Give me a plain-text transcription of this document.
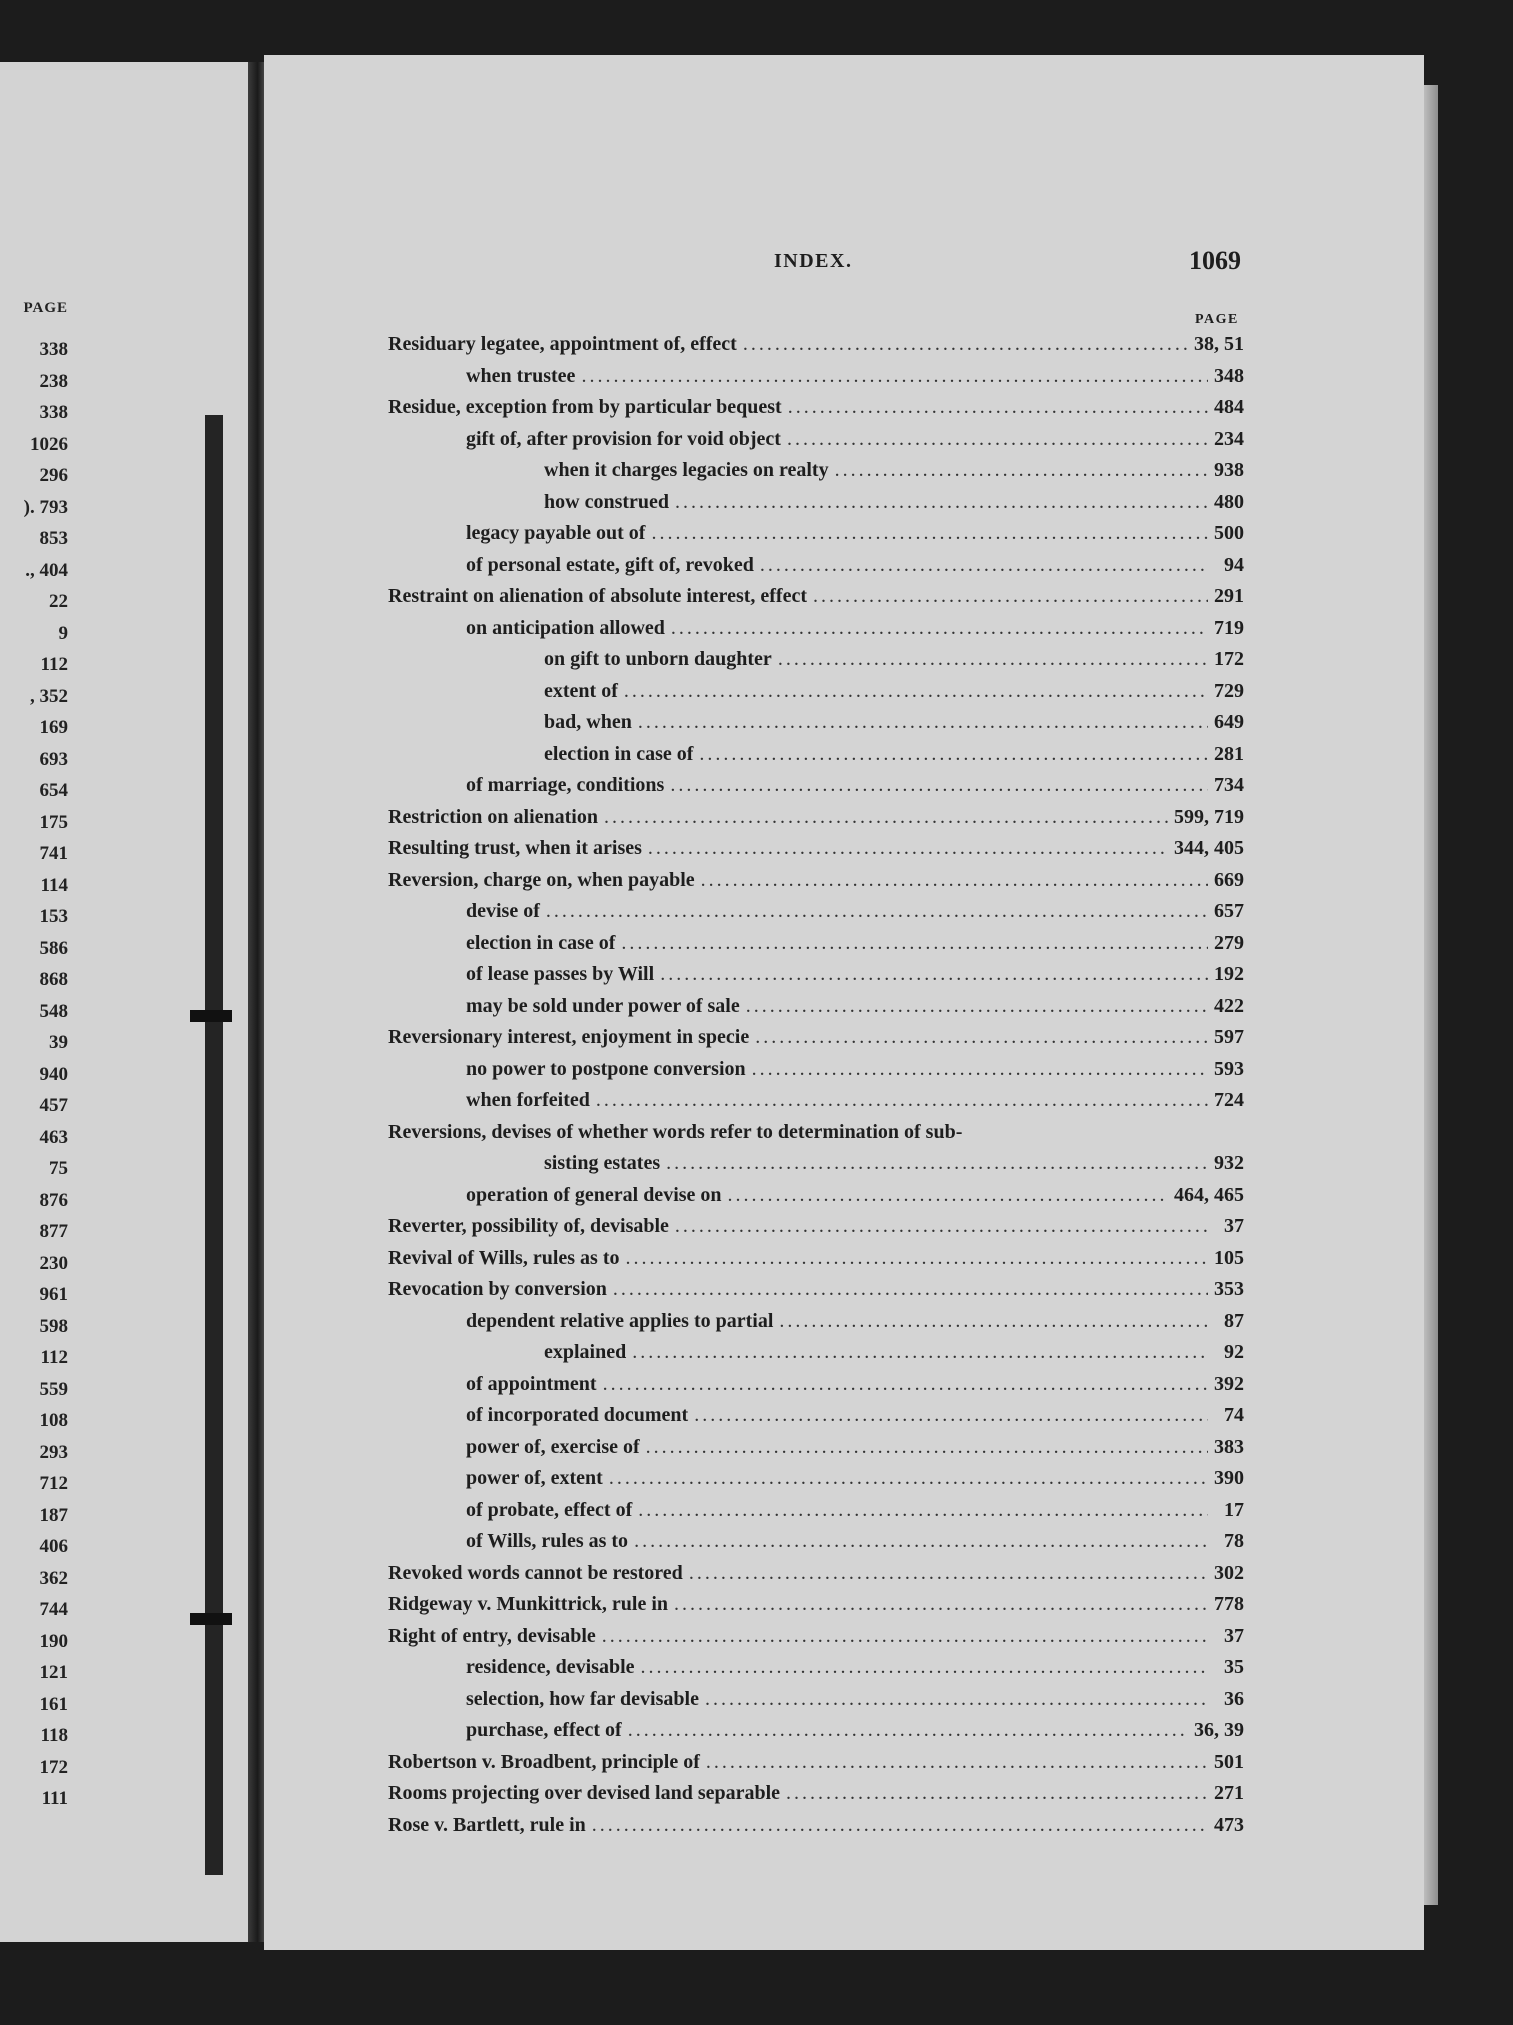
PAGE
338
238
338
1026
296
). 793
853
., 404
22
9
112
, 352
169
693
654
175
741
114
153
586
868
548
39
940
457
463
75
876
877
230
961
598
112
559
108
293
712
187
406
362
744
190
121
161
118
172
111
INDEX.	1069
PAGE
Residuary legatee, appointment of, effect .....	38, 51
when trustee .....	348
Residue, exception from by particular bequest .....	484
gift of, after provision for void object .....	234
when it charges legacies on realty .....	938
how construed .....	480
legacy payable out of .....	500
of personal estate, gift of, revoked .....	94
Restraint on alienation of absolute interest, effect .....	291
on anticipation allowed .....	719
on gift to unborn daughter .....	172
extent of .....	729
bad, when .....	649
election in case of .....	281
of marriage, conditions .....	734
Restriction on alienation .....	599, 719
Resulting trust, when it arises .....	344, 405
Reversion, charge on, when payable .....	669
devise of .....	657
election in case of .....	279
of lease passes by Will .....	192
may be sold under power of sale .....	422
Reversionary interest, enjoyment in specie .....	597
no power to postpone conversion .....	593
when forfeited .....	724
Reversions, devises of whether words refer to determination of sub-
sisting estates .....	932
operation of general devise on .....	464, 465
Reverter, possibility of, devisable .....	37
Revival of Wills, rules as to .....	105
Revocation by conversion .....	353
dependent relative applies to partial .....	87
explained .....	92
of appointment .....	392
of incorporated document .....	74
power of, exercise of .....	383
power of, extent .....	390
of probate, effect of .....	17
of Wills, rules as to .....	78
Revoked words cannot be restored .....	302
Ridgeway v. Munkittrick, rule in .....	778
Right of entry, devisable .....	37
residence, devisable .....	35
selection, how far devisable .....	36
purchase, effect of .....	36, 39
Robertson v. Broadbent, principle of .....	501
Rooms projecting over devised land separable .....	271
Rose v. Bartlett, rule in .....	473
